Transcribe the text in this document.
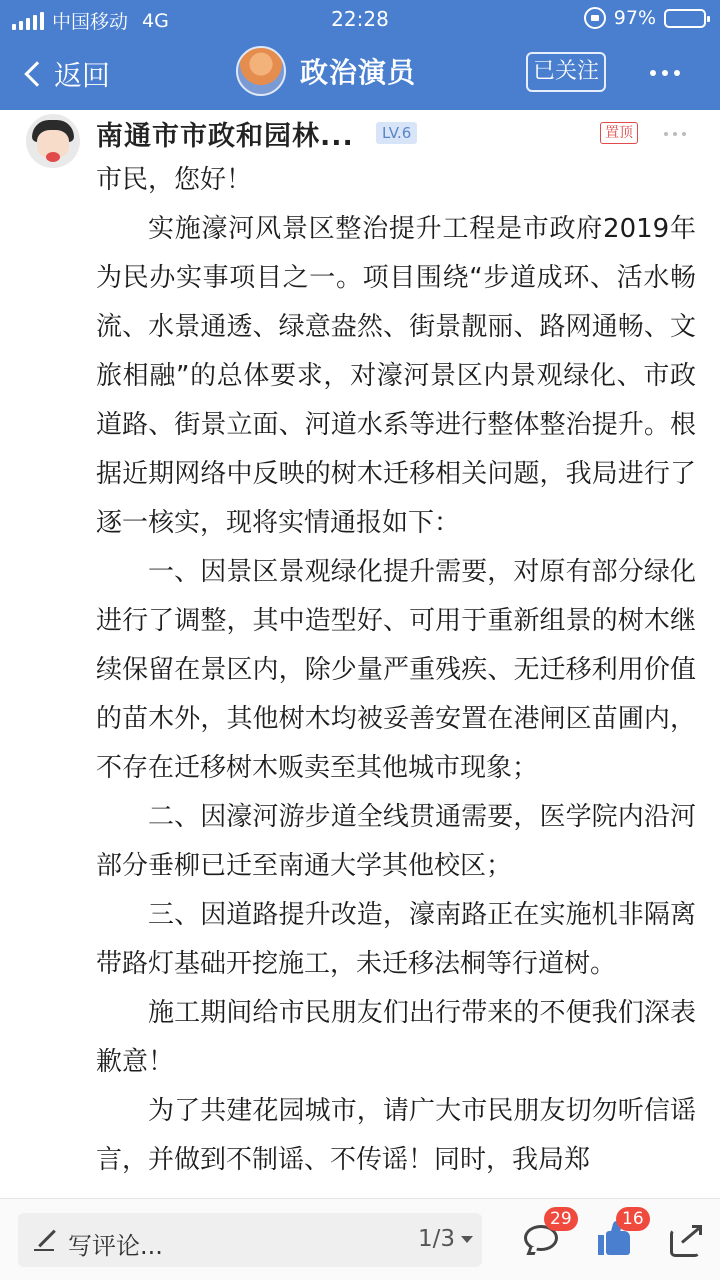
中国移动 4G	22:28	97%
返回	政治演员	已关注
南通市市政和园林...	LV.6	置顶

市民，您好！

实施濠河风景区整治提升工程是市政府2019年为民办实事项目之一。项目围绕“步道成环、活水畅流、水景通透、绿意盎然、街景靓丽、路网通畅、文旅相融”的总体要求，对濠河景区内景观绿化、市政道路、街景立面、河道水系等进行整体整治提升。根据近期网络中反映的树木迁移相关问题，我局进行了逐一核实，现将实情通报如下：

一、因景区景观绿化提升需要，对原有部分绿化进行了调整，其中造型好、可用于重新组景的树木继续保留在景区内，除少量严重残疾、无迁移利用价值的苗木外，其他树木均被妥善安置在港闸区苗圃内，不存在迁移树木贩卖至其他城市现象；

二、因濠河游步道全线贯通需要，医学院内沿河部分垂柳已迁至南通大学其他校区；

三、因道路提升改造，濠南路正在实施机非隔离带路灯基础开挖施工，未迁移法桐等行道树。

施工期间给市民朋友们出行带来的不便我们深表歉意！

为了共建花园城市，请广大市民朋友切勿听信谣言，并做到不制谣、不传谣！同时，我局郑

写评论...	1/3
29	16
